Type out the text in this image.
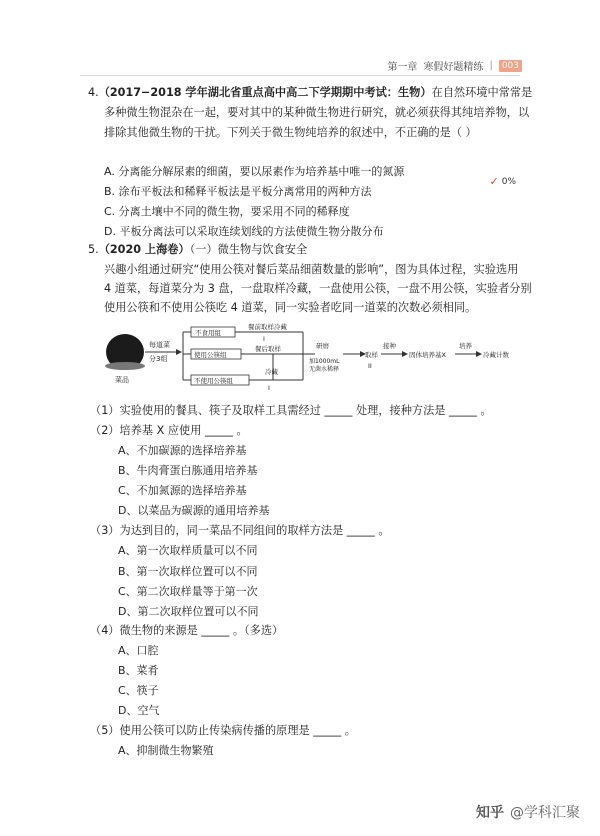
第一章 寒假好题精练 |	003
4.（2017−2018 学年湖北省重点高中高二下学期期中考试：生物）在自然环境中常常是
多种微生物混杂在一起，要对其中的某种微生物进行研究，就必须获得其纯培养物，以
排除其他微生物的干扰。下列关于微生物纯培养的叙述中，不正确的是（ ）
✓ 0%
A. 分离能分解尿素的细菌，要以尿素作为培养基中唯一的氮源
B. 涂布平板法和稀释平板法是平板分离常用的两种方法
C. 分离土壤中不同的微生物，要采用不同的稀释度
D. 平板分离法可以采取连续划线的方法使微生物分散分布
5.（2020 上海卷）（一）微生物与饮食安全
兴趣小组通过研究“使用公筷对餐后菜品细菌数量的影响”，图为具体过程，实验选用
4 道菜，每道菜分为 3 盘，一盘取样冷藏，一盘使用公筷，一盘不用公筷，实验者分别
使用公筷和不使用公筷吃 4 道菜，同一实验者吃同一道菜的次数必须相同。
菜品
每道菜
分3组
不食用组
使用公筷组
不使用公筷组
餐前取样冷藏
I
餐后取样
冷藏
I
研磨
加1000mL
无菌水稀释
取样
II
接种
固体培养基X
培养
冷藏计数
（1）实验使用的餐具、筷子及取样工具需经过 _____ 处理，接种方法是 _____ 。
（2）培养基 X 应使用 _____ 。
A、不加碳源的选择培养基
B、牛肉膏蛋白胨通用培养基
C、不加氮源的选择培养基
D、以菜品为碳源的通用培养基
（3）为达到目的，同一菜品不同组间的取样方法是 _____ 。
A、第一次取样质量可以不同
B、第一次取样位置可以不同
C、第二次取样量等于第一次
D、第二次取样位置可以不同
（4）微生物的来源是 _____ 。（多选）
A、口腔
B、菜肴
C、筷子
D、空气
（5）使用公筷可以防止传染病传播的原理是 _____ 。
A、抑制微生物繁殖
知乎 @学科汇聚
